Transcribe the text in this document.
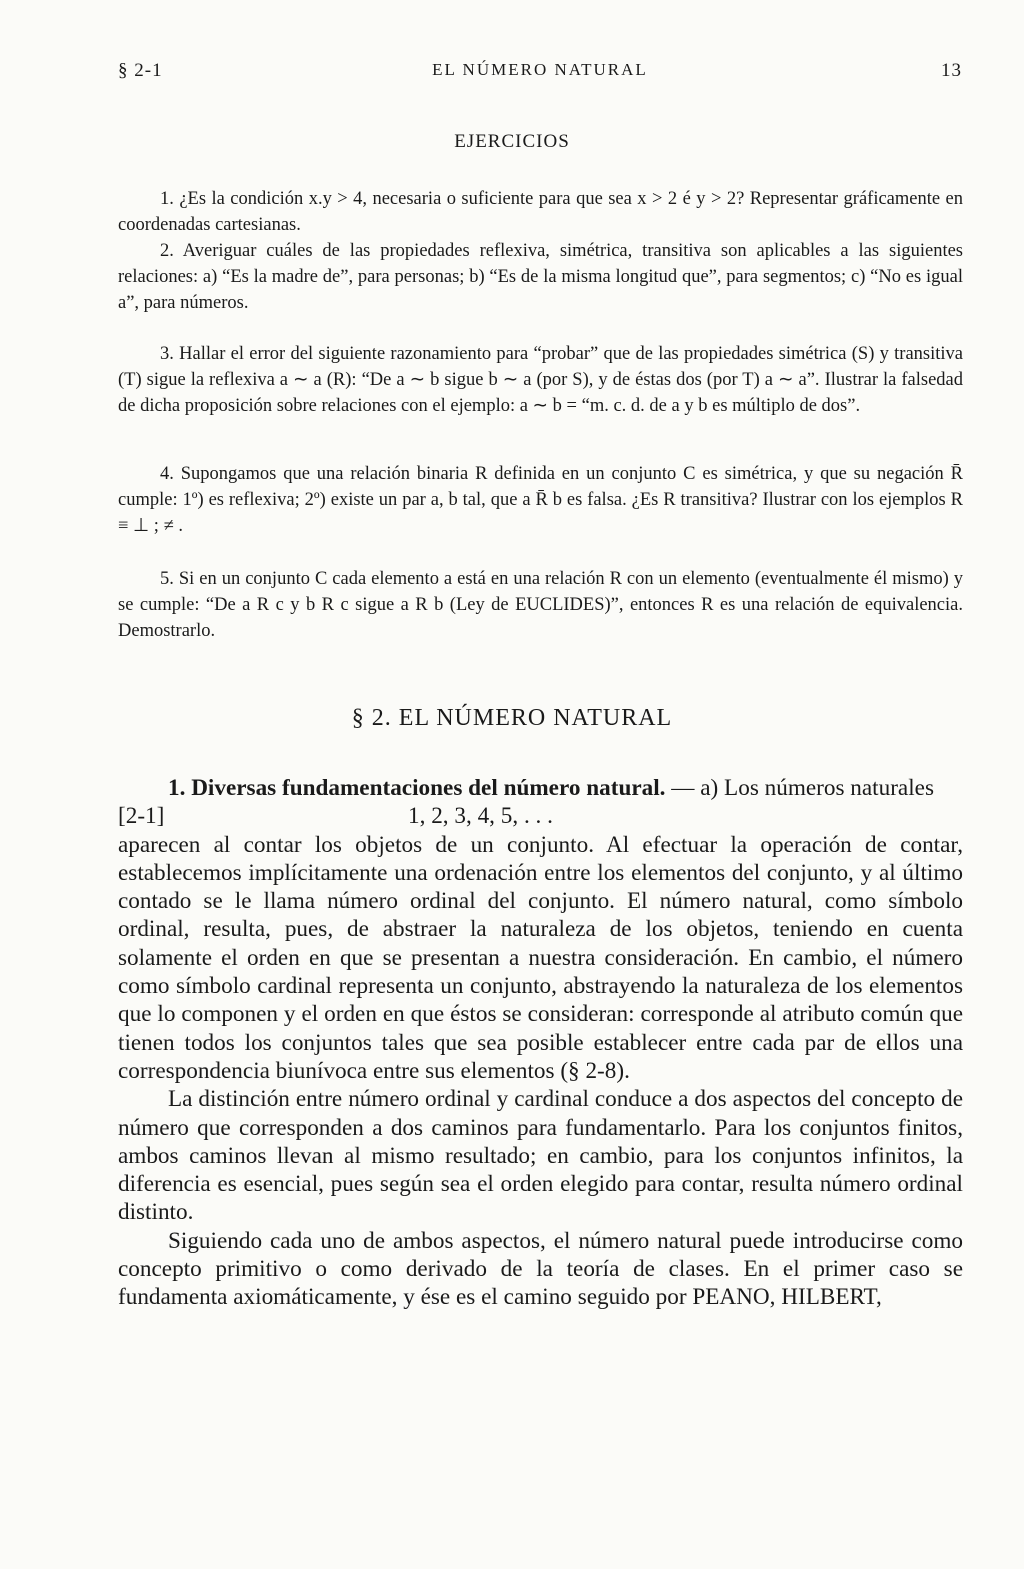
§ 2-1	EL NÚMERO NATURAL	13
EJERCICIOS

1. ¿Es la condición x.y > 4, necesaria o suficiente para que sea x > 2 é y > 2? Representar gráficamente en coordenadas cartesianas.

2. Averiguar cuáles de las propiedades reflexiva, simétrica, transitiva son aplicables a las siguientes relaciones: a) “Es la madre de”, para personas; b) “Es de la misma longitud que”, para segmentos; c) “No es igual a”, para números.

3. Hallar el error del siguiente razonamiento para “probar” que de las propiedades simétrica (S) y transitiva (T) sigue la reflexiva a ∼ a (R): “De a ∼ b sigue b ∼ a (por S), y de éstas dos (por T) a ∼ a”. Ilustrar la falsedad de dicha proposición sobre relaciones con el ejemplo: a ∼ b = “m. c. d. de a y b es múltiplo de dos”.

4. Supongamos que una relación binaria R definida en un conjunto C es simétrica, y que su negación R̄ cumple: 1º) es reflexiva; 2º) existe un par a, b tal, que a R̄ b es falsa. ¿Es R transitiva? Ilustrar con los ejemplos R ≡ ⊥ ; ≠ .

5. Si en un conjunto C cada elemento a está en una relación R con un elemento (eventualmente él mismo) y se cumple: “De a R c y b R c sigue a R b (Ley de EUCLIDES)”, entonces R es una relación de equivalencia. Demostrarlo.

§ 2. EL NÚMERO NATURAL

1. Diversas fundamentaciones del número natural. — a) Los números naturales

[2-1]	1, 2, 3, 4, 5, . . .

aparecen al contar los objetos de un conjunto. Al efectuar la operación de contar, establecemos implícitamente una ordenación entre los elementos del conjunto, y al último contado se le llama número ordinal del conjunto. El número natural, como símbolo ordinal, resulta, pues, de abstraer la naturaleza de los objetos, teniendo en cuenta solamente el orden en que se presentan a nuestra consideración. En cambio, el número como símbolo cardinal representa un conjunto, abstrayendo la naturaleza de los elementos que lo componen y el orden en que éstos se consideran: corresponde al atributo común que tienen todos los conjuntos tales que sea posible establecer entre cada par de ellos una correspondencia biunívoca entre sus elementos (§ 2-8).

La distinción entre número ordinal y cardinal conduce a dos aspectos del concepto de número que corresponden a dos caminos para fundamentarlo. Para los conjuntos finitos, ambos caminos llevan al mismo resultado; en cambio, para los conjuntos infinitos, la diferencia es esencial, pues según sea el orden elegido para contar, resulta número ordinal distinto.

Siguiendo cada uno de ambos aspectos, el número natural puede introducirse como concepto primitivo o como derivado de la teoría de clases. En el primer caso se fundamenta axiomáticamente, y ése es el camino seguido por PEANO, HILBERT,
